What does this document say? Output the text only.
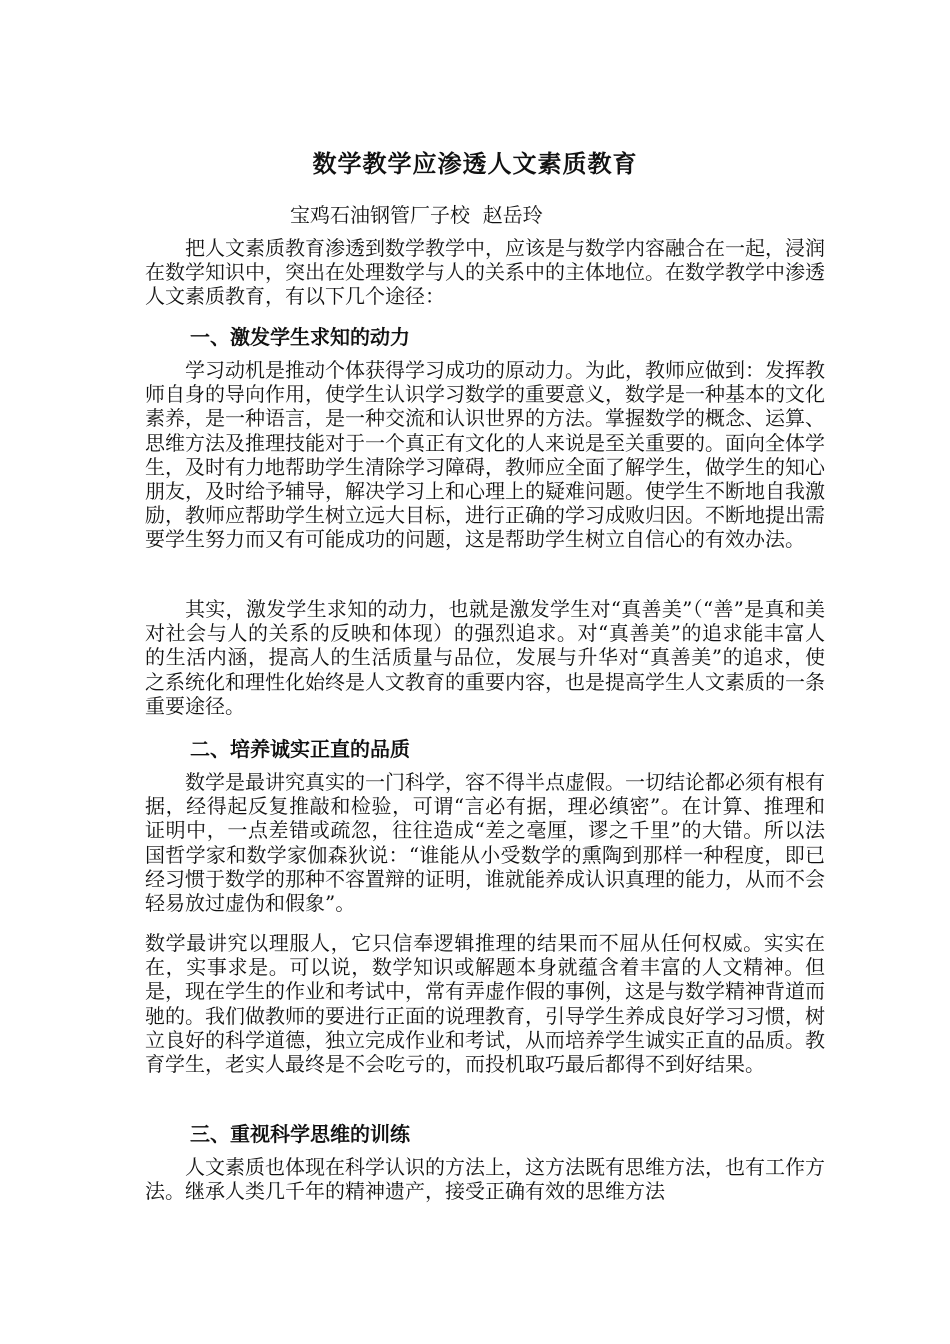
数学教学应渗透人文素质教育
宝鸡石油钢管厂子校  赵岳玲
把人文素质教育渗透到数学教学中，应该是与数学内容融合在一起，浸润在数学知识中，突出在处理数学与人的关系中的主体地位。在数学教学中渗透人文素质教育，有以下几个途径：
一、激发学生求知的动力
学习动机是推动个体获得学习成功的原动力。为此，教师应做到：发挥教师自身的导向作用，使学生认识学习数学的重要意义，数学是一种基本的文化素养，是一种语言，是一种交流和认识世界的方法。掌握数学的概念、运算、思维方法及推理技能对于一个真正有文化的人来说是至关重要的。面向全体学生，及时有力地帮助学生清除学习障碍，教师应全面了解学生，做学生的知心朋友，及时给予辅导，解决学习上和心理上的疑难问题。使学生不断地自我激励，教师应帮助学生树立远大目标，进行正确的学习成败归因。不断地提出需要学生努力而又有可能成功的问题，这是帮助学生树立自信心的有效办法。
其实，激发学生求知的动力，也就是激发学生对“真善美”（“善”是真和美对社会与人的关系的反映和体现）的强烈追求。对“真善美”的追求能丰富人的生活内涵，提高人的生活质量与品位，发展与升华对“真善美”的追求，使之系统化和理性化始终是人文教育的重要内容，也是提高学生人文素质的一条重要途径。
二、培养诚实正直的品质
数学是最讲究真实的一门科学，容不得半点虚假。一切结论都必须有根有据，经得起反复推敲和检验，可谓“言必有据，理必缜密”。在计算、推理和证明中，一点差错或疏忽，往往造成“差之毫厘，谬之千里”的大错。所以法国哲学家和数学家伽森狄说：“谁能从小受数学的熏陶到那样一种程度，即已经习惯于数学的那种不容置辩的证明，谁就能养成认识真理的能力，从而不会轻易放过虚伪和假象”。
数学最讲究以理服人，它只信奉逻辑推理的结果而不屈从任何权威。实实在在，实事求是。可以说，数学知识或解题本身就蕴含着丰富的人文精神。但是，现在学生的作业和考试中，常有弄虚作假的事例，这是与数学精神背道而驰的。我们做教师的要进行正面的说理教育，引导学生养成良好学习习惯，树立良好的科学道德，独立完成作业和考试，从而培养学生诚实正直的品质。教育学生，老实人最终是不会吃亏的，而投机取巧最后都得不到好结果。
三、重视科学思维的训练
人文素质也体现在科学认识的方法上，这方法既有思维方法，也有工作方法。继承人类几千年的精神遗产，接受正确有效的思维方法
